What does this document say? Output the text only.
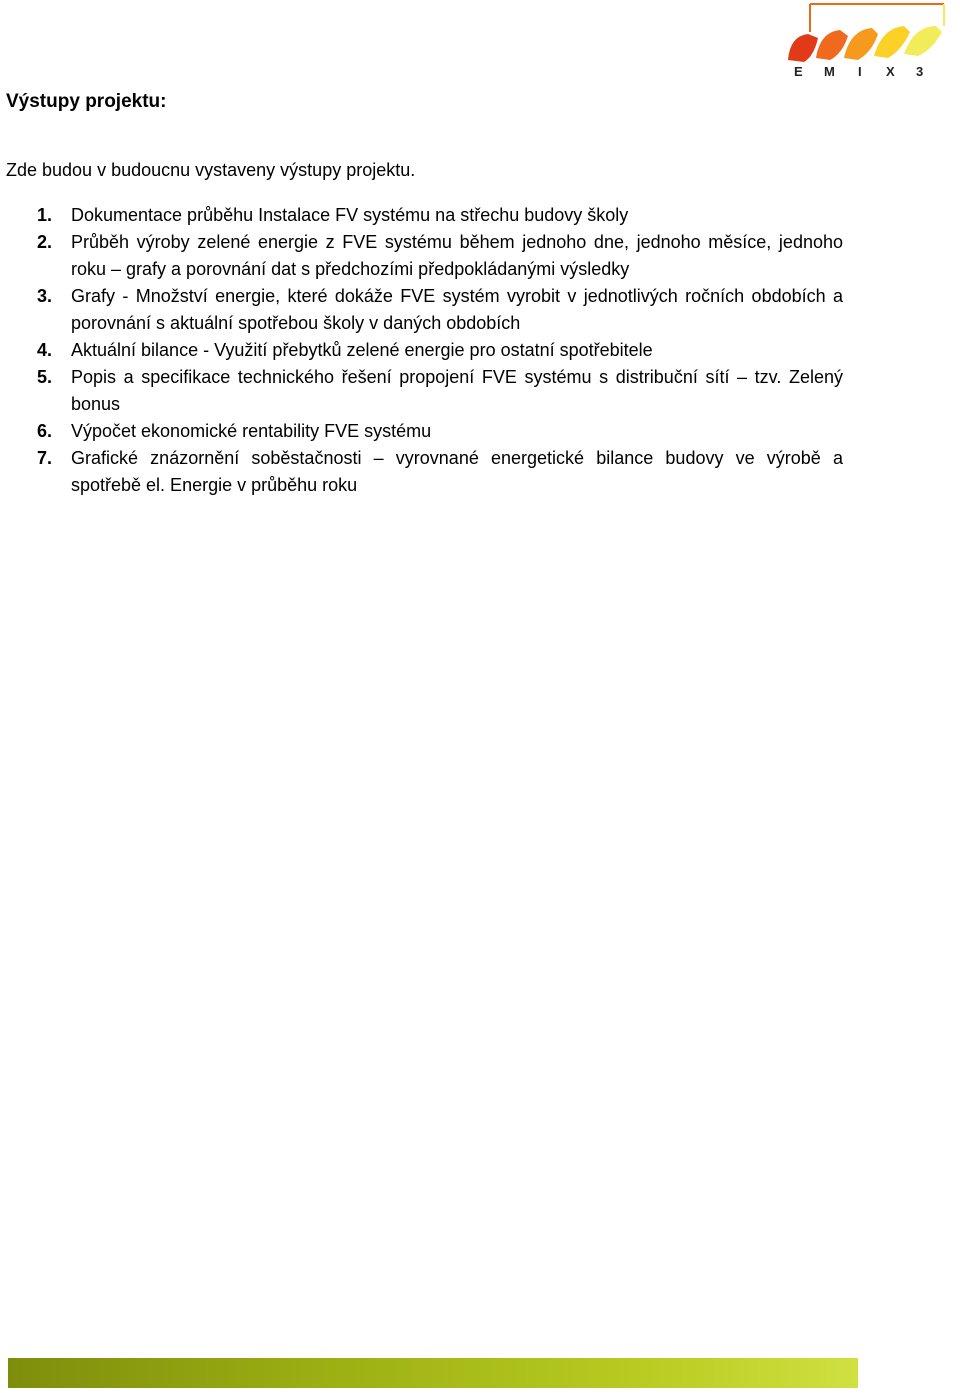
E M I X 3
Výstupy projektu:

Zde budou v budoucnu vystaveny výstupy projektu.

1. Dokumentace průběhu Instalace FV systému na střechu budovy školy
2. Průběh výroby zelené energie z FVE systému během jednoho dne, jednoho měsíce, jednoho roku – grafy a porovnání dat s předchozími předpokládanými výsledky
3. Grafy - Množství energie, které dokáže FVE systém vyrobit v jednotlivých ročních obdobích a porovnání s aktuální spotřebou školy v daných obdobích
4. Aktuální bilance - Využití přebytků zelené energie pro ostatní spotřebitele
5. Popis a specifikace technického řešení propojení FVE systému s distribuční sítí – tzv. Zelený bonus
6. Výpočet ekonomické rentability FVE systému
7. Grafické znázornění soběstačnosti – vyrovnané energetické bilance budovy ve výrobě a spotřebě el. Energie v průběhu roku
